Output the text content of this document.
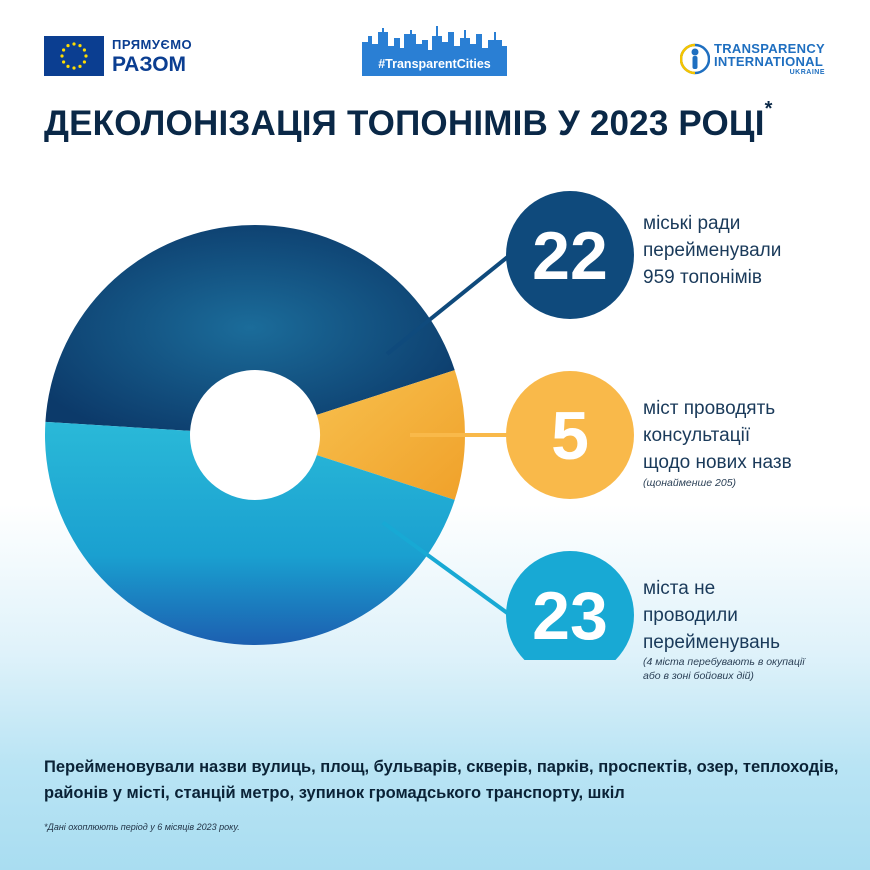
ПРЯМУЄМО
РАЗОМ	#TransparentCities
TRANSPARENCY
INTERNATIONAL
UKRAINE
ДЕКОЛОНІЗАЦІЯ ТОПОНІМІВ У 2023 РОЦІ*
22
5
23
міські ради
перейменували
959 топонімів
міст проводять
консультації
щодо нових назв
(щонайменше 205)
міста не
проводили
перейменувань
(4 міста перебувають в окупації
або в зоні бойових дій)
Перейменовували назви вулиць, площ, бульварів, скверів, парків, проспектів, озер, теплоходів, районів у місті, станцій метро, зупинок громадського транспорту, шкіл
*Дані охоплюють період у 6 місяців 2023 року.
